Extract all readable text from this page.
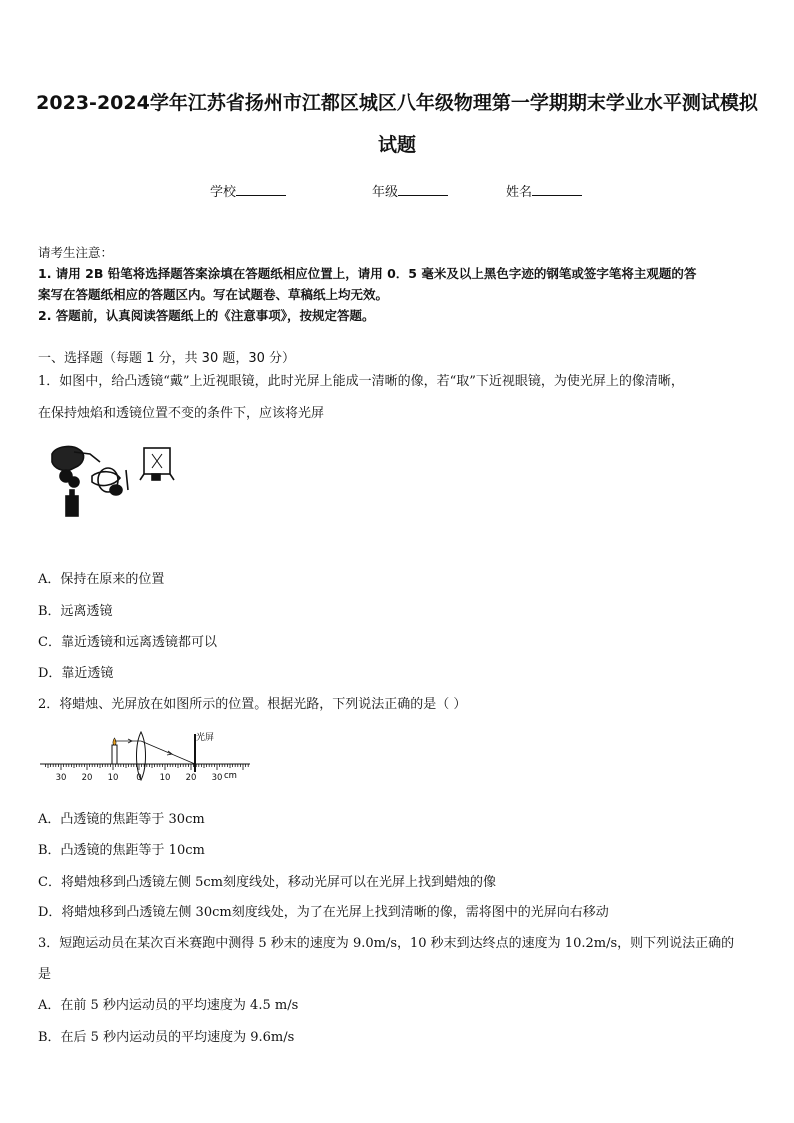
2023-2024学年江苏省扬州市江都区城区八年级物理第一学期期末学业水平测试模拟
试题
学校	年级	姓名
请考生注意：
1. 请用 2B 铅笔将选择题答案涂填在答题纸相应位置上，请用 0．5 毫米及以上黑色字迹的钢笔或签字笔将主观题的答
案写在答题纸相应的答题区内。写在试题卷、草稿纸上均无效。
2. 答题前，认真阅读答题纸上的《注意事项》，按规定答题。
一、选择题（每题 1 分，共 30 题，30 分）
1．如图中，给凸透镜“戴”上近视眼镜，此时光屏上能成一清晰的像，若“取”下近视眼镜，为使光屏上的像清晰，
在保持烛焰和透镜位置不变的条件下，应该将光屏
A．保持在原来的位置
B．远离透镜
C．靠近透镜和远离透镜都可以
D．靠近透镜
2．将蜡烛、光屏放在如图所示的位置。根据光路，下列说法正确的是（ ）
光屏
30 20 10 0 10 20 30 cm
A．凸透镜的焦距等于 30cm
B．凸透镜的焦距等于 10cm
C．将蜡烛移到凸透镜左侧 5cm刻度线处，移动光屏可以在光屏上找到蜡烛的像
D．将蜡烛移到凸透镜左侧 30cm刻度线处，为了在光屏上找到清晰的像，需将图中的光屏向右移动
3．短跑运动员在某次百米赛跑中测得 5 秒末的速度为 9.0m/s，10 秒末到达终点的速度为 10.2m/s，则下列说法正确的
是
A．在前 5 秒内运动员的平均速度为 4.5 m/s
B．在后 5 秒内运动员的平均速度为 9.6m/s
